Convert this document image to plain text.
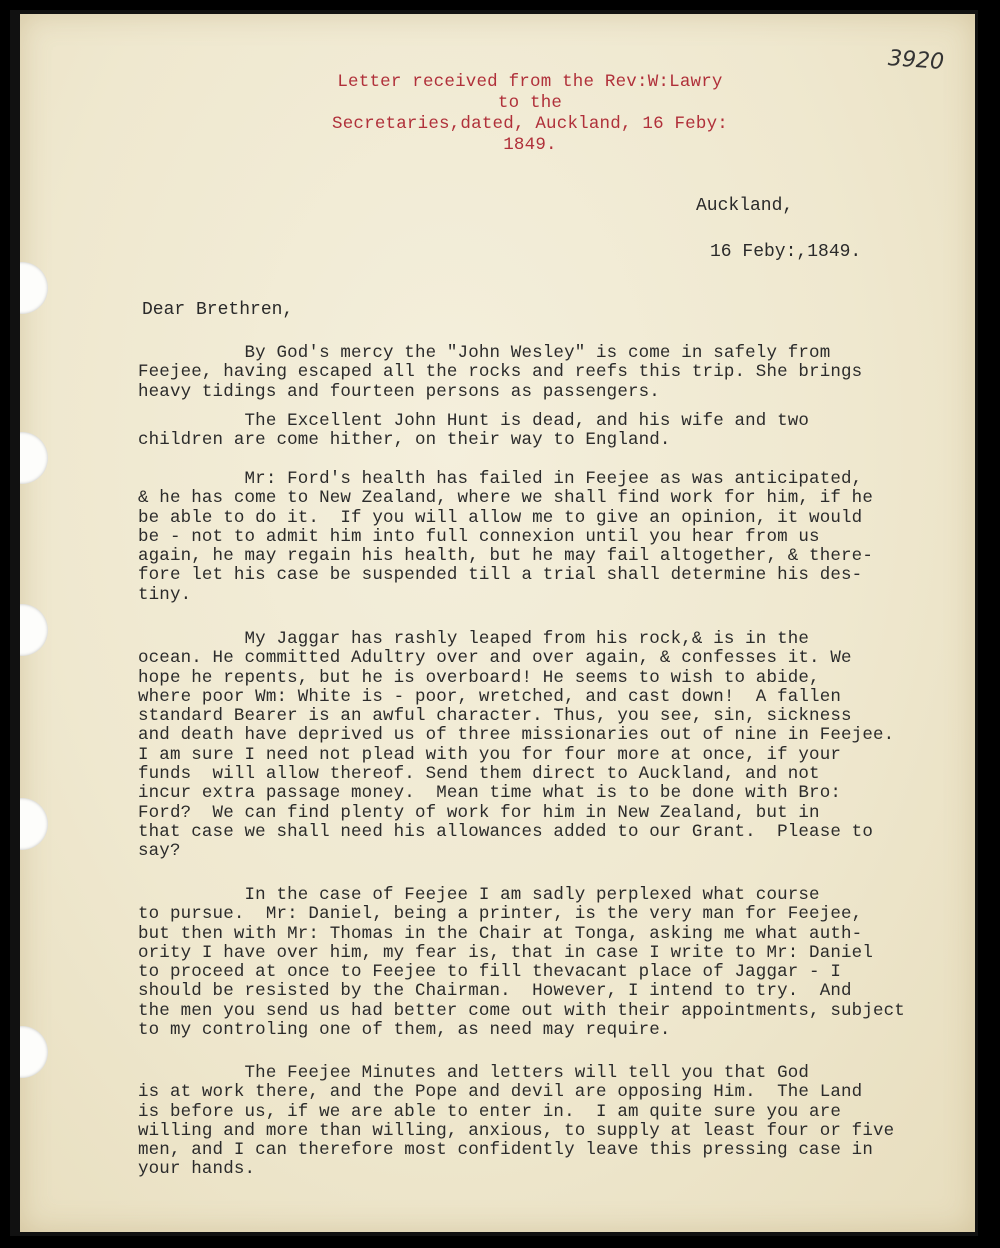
3920
Letter received from the Rev:W:Lawry
to the
Secretaries,dated, Auckland, 16 Feby:
1849.
Auckland,
16 Feby:,1849.
Dear Brethren,
By God's mercy the "John Wesley" is come in safely from
Feejee, having escaped all the rocks and reefs this trip. She brings
heavy tidings and fourteen persons as passengers.
The Excellent John Hunt is dead, and his wife and two
children are come hither, on their way to England.
Mr: Ford's health has failed in Feejee as was anticipated,
& he has come to New Zealand, where we shall find work for him, if he
be able to do it.  If you will allow me to give an opinion, it would
be - not to admit him into full connexion until you hear from us
again, he may regain his health, but he may fail altogether, & there-
fore let his case be suspended till a trial shall determine his des-
tiny.
My Jaggar has rashly leaped from his rock,& is in the
ocean. He committed Adultry over and over again, & confesses it. We
hope he repents, but he is overboard! He seems to wish to abide,
where poor Wm: White is - poor, wretched, and cast down!  A fallen
standard Bearer is an awful character. Thus, you see, sin, sickness
and death have deprived us of three missionaries out of nine in Feejee.
I am sure I need not plead with you for four more at once, if your
funds  will allow thereof. Send them direct to Auckland, and not
incur extra passage money.  Mean time what is to be done with Bro:
Ford?  We can find plenty of work for him in New Zealand, but in
that case we shall need his allowances added to our Grant.  Please to
say?
In the case of Feejee I am sadly perplexed what course
to pursue.  Mr: Daniel, being a printer, is the very man for Feejee,
but then with Mr: Thomas in the Chair at Tonga, asking me what auth-
ority I have over him, my fear is, that in case I write to Mr: Daniel
to proceed at once to Feejee to fill thevacant place of Jaggar - I
should be resisted by the Chairman.  However, I intend to try.  And
the men you send us had better come out with their appointments, subject
to my controling one of them, as need may require.
The Feejee Minutes and letters will tell you that God
is at work there, and the Pope and devil are opposing Him.  The Land
is before us, if we are able to enter in.  I am quite sure you are
willing and more than willing, anxious, to supply at least four or five
men, and I can therefore most confidently leave this pressing case in
your hands.
